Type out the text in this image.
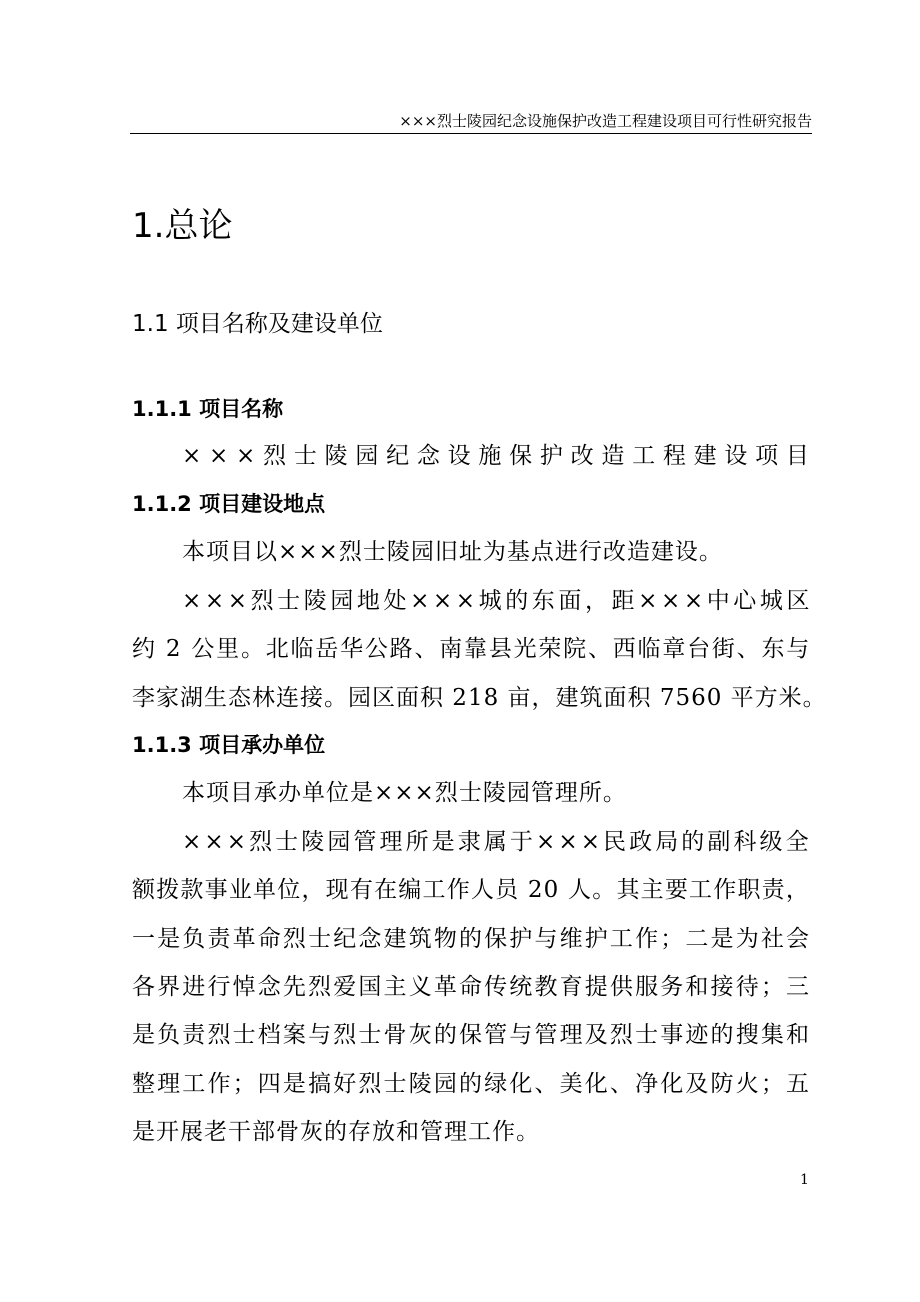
×××烈士陵园纪念设施保护改造工程建设项目可行性研究报告
1.总论
1.1 项目名称及建设单位
1.1.1 项目名称
×××烈士陵园纪念设施保护改造工程建设项目
1.1.2 项目建设地点
本项目以×××烈士陵园旧址为基点进行改造建设。
×××烈士陵园地处×××城的东面，距×××中心城区
约 2 公里。北临岳华公路、南靠县光荣院、西临章台街、东与
李家湖生态林连接。园区面积 218 亩，建筑面积 7560 平方米。
1.1.3 项目承办单位
本项目承办单位是×××烈士陵园管理所。
×××烈士陵园管理所是隶属于×××民政局的副科级全
额拨款事业单位，现有在编工作人员 20 人。其主要工作职责，
一是负责革命烈士纪念建筑物的保护与维护工作；二是为社会
各界进行悼念先烈爱国主义革命传统教育提供服务和接待；三
是负责烈士档案与烈士骨灰的保管与管理及烈士事迹的搜集和
整理工作；四是搞好烈士陵园的绿化、美化、净化及防火；五
是开展老干部骨灰的存放和管理工作。
1
